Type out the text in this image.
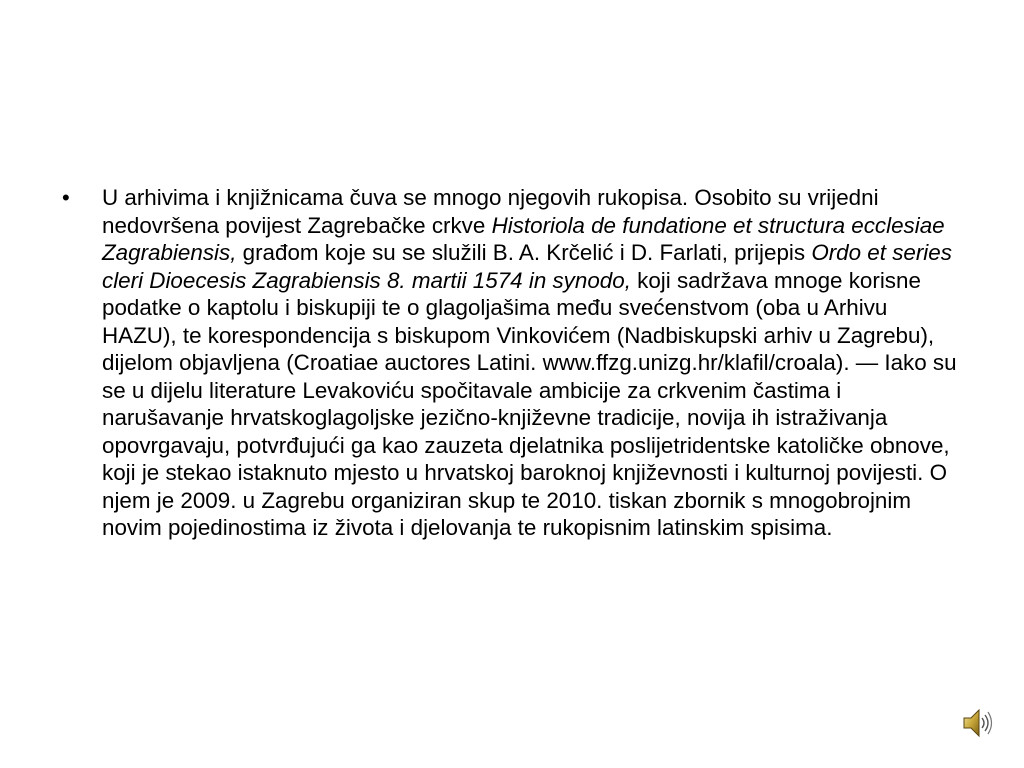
•	U arhivima i knjižnicama čuva se mnogo njegovih rukopisa. Osobito su vrijedni nedovršena povijest Zagrebačke crkve Historiola de fundatione et structura ecclesiae Zagrabiensis, građom koje su se služili B. A. Krčelić i D. Farlati, prijepis Ordo et series cleri Dioecesis Zagrabiensis 8. martii 1574 in synodo, koji sadržava mnoge korisne podatke o kaptolu i biskupiji te o glagoljašima među svećenstvom (oba u Arhivu HAZU), te korespondencija s biskupom Vinkovićem (Nadbiskupski arhiv u Zagrebu), dijelom objavljena (Croatiae auctores Latini. www.ffzg.unizg.hr/klafil/croala). — Iako su se u dijelu literature Levakoviću spočitavale ambicije za crkvenim častima i narušavanje hrvatskoglagoljske jezično-književne tradicije, novija ih istraživanja opovrgavaju, potvrđujući ga kao zauzeta djelatnika poslijetridentske katoličke obnove, koji je stekao istaknuto mjesto u hrvatskoj baroknoj književnosti i kulturnoj povijesti. O njem je 2009. u Zagrebu organiziran skup te 2010. tiskan zbornik s mnogobrojnim novim pojedinostima iz života i djelovanja te rukopisnim latinskim spisima.
